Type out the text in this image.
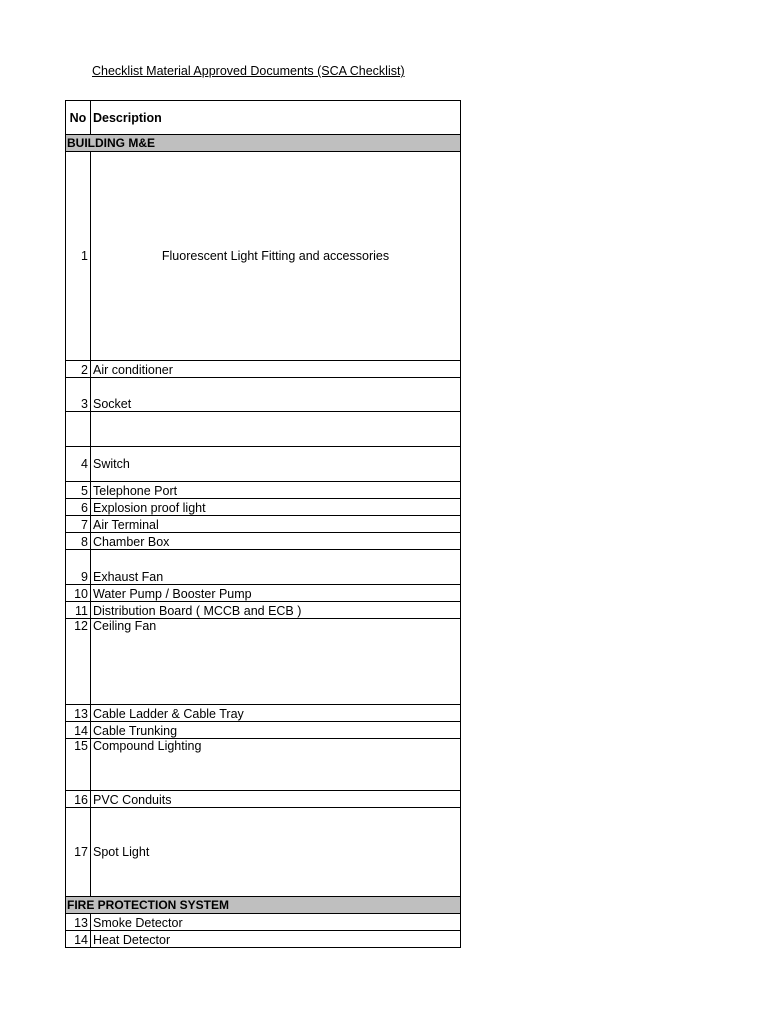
Checklist Material Approved Documents (SCA Checklist)
No	Description
BUILDING M&E	
1	Fluorescent Light Fitting and accessories
2	Air conditioner
3	Socket

4	Switch
5	Telephone Port
6	Explosion proof light
7	Air Terminal
8	Chamber Box
9	Exhaust Fan
10	Water Pump / Booster Pump
11	Distribution Board ( MCCB and ECB )
12	Ceiling Fan
13	Cable Ladder & Cable Tray
14	Cable Trunking
15	Compound Lighting
16	PVC Conduits
17	Spot Light
FIRE PROTECTION SYSTEM	
13	Smoke Detector
14	Heat Detector
